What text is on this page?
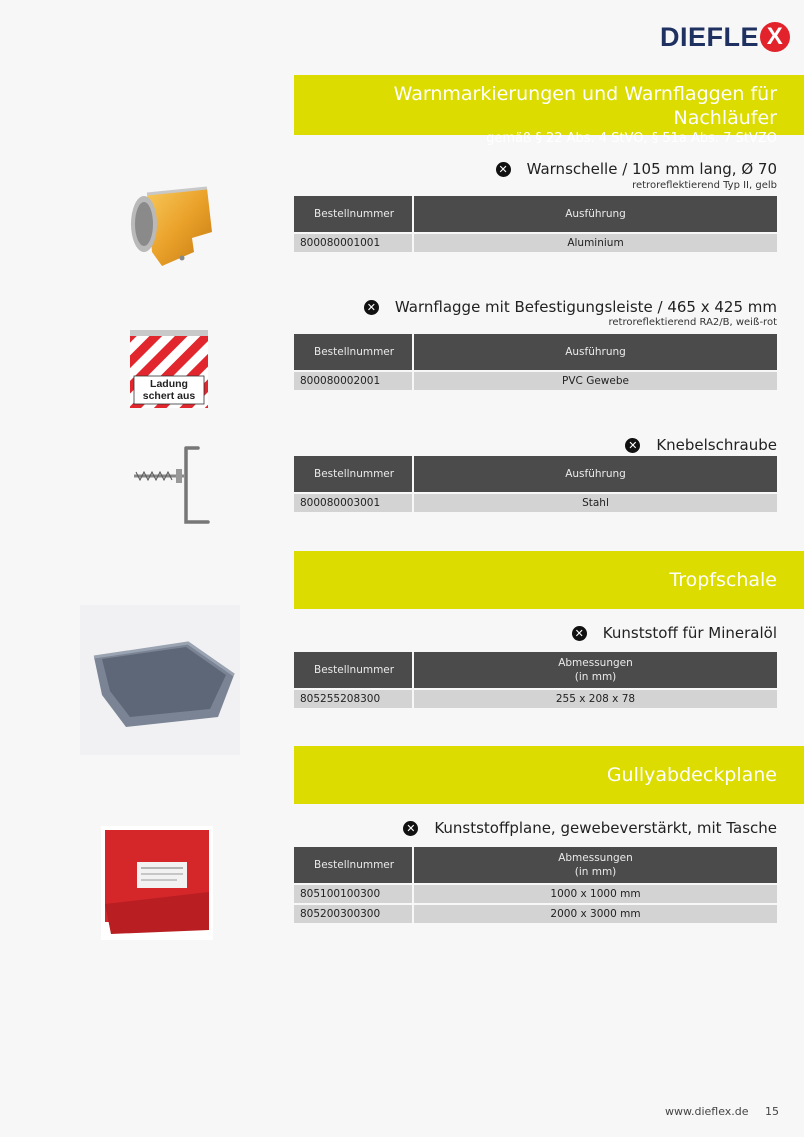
DIEFLE X
Warnmarkierungen und Warnflaggen für Nachläufer
gemäß § 22 Abs. 4 StVO, § 51a Abs. 7 StVZO
✕ Warnschelle / 105 mm lang, Ø 70
retroreflektierend Typ II, gelb
Bestellnummer	Ausführung
800080001001	Aluminium
Ladung
schert aus
✕ Warnflagge mit Befestigungsleiste / 465 x 425 mm
retroreflektierend RA2/B, weiß-rot
Bestellnummer	Ausführung
800080002001	PVC Gewebe
✕ Knebelschraube
Bestellnummer	Ausführung
800080003001	Stahl
Tropfschale
✕ Kunststoff für Mineralöl
Bestellnummer	Abmessungen
(in mm)

805255208300	255 x 208 x 78
Gullyabdeckplane
✕ Kunststoffplane, gewebeverstärkt, mit Tasche
Bestellnummer	Abmessungen
(in mm)

805100100300	1000 x 1000 mm
805200300300	2000 x 3000 mm
www.dieflex.de 15
